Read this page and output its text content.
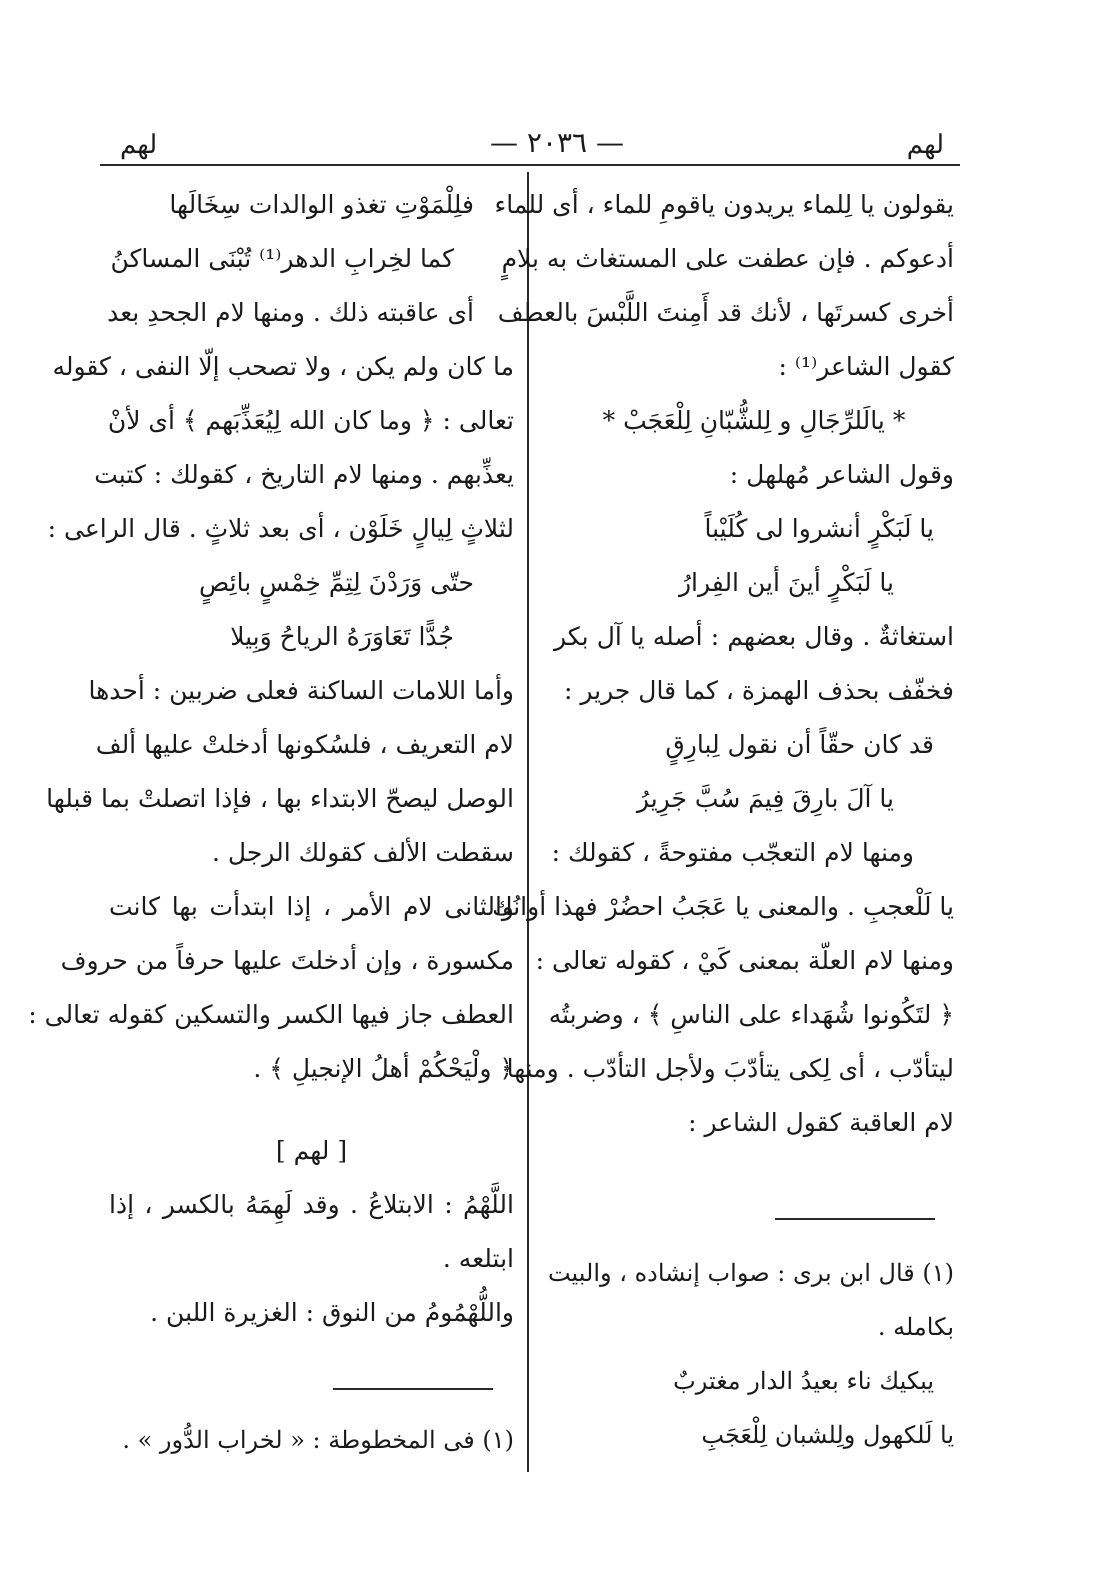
لهم
— ٢٠٣٦ —
لهم
يقولون يا لِلماء يريدون ياقومِ للماء ، أى للماء
أدعوكم . فإن عطفت على المستغاث به بلامٍ
أخرى كسرتَها ، لأنك قد أَمِنتَ اللَّبْسَ بالعطف
كقول الشاعر⁽¹⁾ :
* يالَلرِّجَالِ و لِلشُّبّانِ لِلْعَجَبْ *
وقول الشاعر مُهلهل :
يا لَبَكْرٍ أنشروا لى كُلَيْباً
يا لَبَكْرٍ أينَ أين الفِرارُ
استغاثةٌ . وقال بعضهم : أصله يا آل بكر
فخفّف بحذف الهمزة ، كما قال جرير :
قد كان حقّاً أن نقول لِبارِقٍ
يا آلَ بارِقَ فِيمَ سُبَّ جَرِيرُ
ومنها لام التعجّب مفتوحةً ، كقولك :
يا لَلْعجبِ . والمعنى يا عَجَبُ احضُرْ فهذا أوانُك .
ومنها لام العلّة بمعنى كَيْ ، كقوله تعالى :
﴿ لتَكُونوا شُهَداء على الناسِ ﴾ ، وضربتُه
ليتأدّب ، أى لِكى يتأدّبَ ولأجل التأدّب . ومنها
لام العاقبة كقول الشاعر :
(١) قال ابن برى : صواب إنشاده ، والبيت
بكامله .
يبكيك ناء بعيدُ الدار مغتربٌ
يا لَلكهول ولِلشبان لِلْعَجَبِ
فلِلْمَوْتِ تغذو الوالدات سِخَالَها
كما لخِرابِ الدهر⁽¹⁾ تُبْنَى المساكنُ
أى عاقبته ذلك . ومنها لام الجحدِ بعد
ما كان ولم يكن ، ولا تصحب إلّا النفى ، كقوله
تعالى : ﴿ وما كان الله لِيُعَذِّبَهم ﴾ أى لأنْ
يعذِّبهم . ومنها لام التاريخ ، كقولك : كتبت
لثلاثٍ لِيالٍ خَلَوْن ، أى بعد ثلاثٍ . قال الراعى :
حتّى وَرَدْنَ لِتِمِّ خِمْسٍ بائِصٍ
جُدًّا تَعَاوَرَهُ الرياحُ وَبِيلا
وأما اللامات الساكنة فعلى ضربين : أحدها
لام التعريف ، فلسُكونها أدخلتْ عليها ألف
الوصل ليصحّ الابتداء بها ، فإذا اتصلتْ بما قبلها
سقطت الألف كقولك الرجل .
والثانى لام الأمر ، إذا ابتدأت بها كانت
مكسورة ، وإن أدخلتَ عليها حرفاً من حروف
العطف جاز فيها الكسر والتسكين كقوله تعالى :
﴿ ولْيَحْكُمْ أهلُ الإنجيلِ ﴾ .
[ لهم ]
اللَّهْمُ : الابتلاعُ . وقد لَهِمَهُ بالكسر ، إذا
ابتلعه .
واللُّهْمُومُ من النوق : الغزيرة اللبن .
(١) فى المخطوطة : « لخراب الدُّور » .
